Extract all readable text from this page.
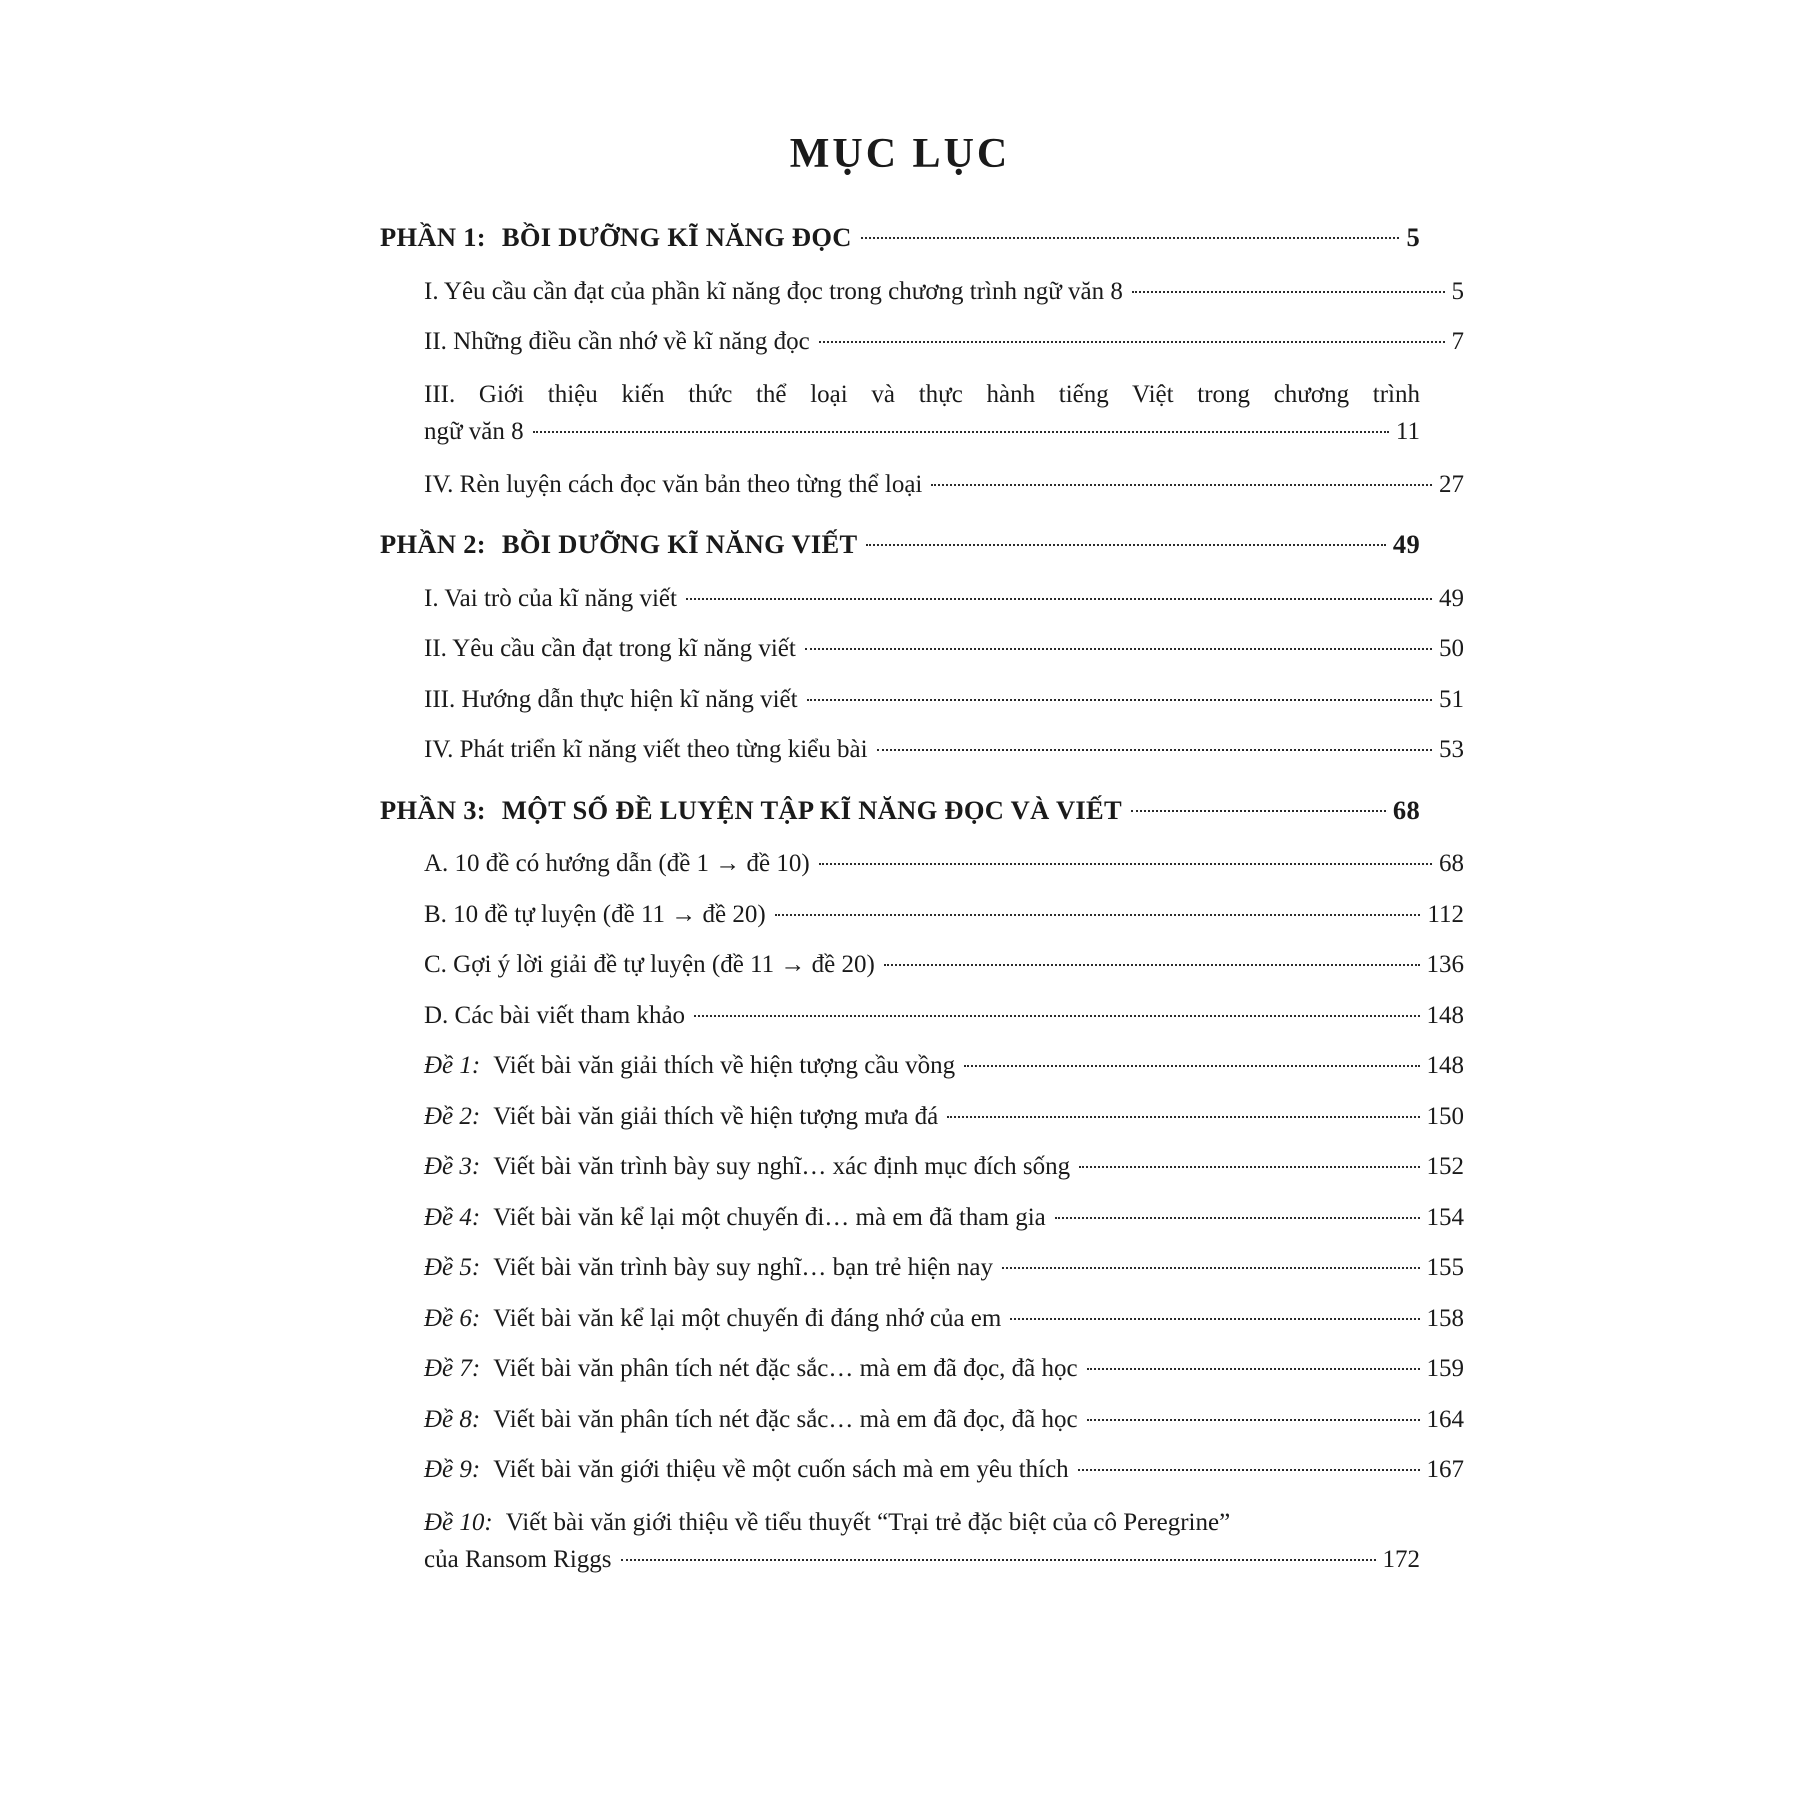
MỤC LỤC
PHẦN 1: BỒI DƯỠNG KĨ NĂNG ĐỌC	5
I. Yêu cầu cần đạt của phần kĩ năng đọc trong chương trình ngữ văn 8	5
II. Những điều cần nhớ về kĩ năng đọc	7
III. Giới thiệu kiến thức thể loại và thực hành tiếng Việt trong chương trình
ngữ văn 8	11
IV. Rèn luyện cách đọc văn bản theo từng thể loại	27
PHẦN 2: BỒI DƯỠNG KĨ NĂNG VIẾT	49
I. Vai trò của kĩ năng viết	49
II. Yêu cầu cần đạt trong kĩ năng viết	50
III. Hướng dẫn thực hiện kĩ năng viết	51
IV. Phát triển kĩ năng viết theo từng kiểu bài	53
PHẦN 3: MỘT SỐ ĐỀ LUYỆN TẬP KĨ NĂNG ĐỌC VÀ VIẾT	68
A. 10 đề có hướng dẫn (đề 1 → đề 10)	68
B. 10 đề tự luyện (đề 11 → đề 20)	112
C. Gợi ý lời giải đề tự luyện (đề 11 → đề 20)	136
D. Các bài viết tham khảo	148
Đề 1: Viết bài văn giải thích về hiện tượng cầu vồng	148
Đề 2: Viết bài văn giải thích về hiện tượng mưa đá	150
Đề 3: Viết bài văn trình bày suy nghĩ… xác định mục đích sống	152
Đề 4: Viết bài văn kể lại một chuyến đi… mà em đã tham gia	154
Đề 5: Viết bài văn trình bày suy nghĩ… bạn trẻ hiện nay	155
Đề 6: Viết bài văn kể lại một chuyến đi đáng nhớ của em	158
Đề 7: Viết bài văn phân tích nét đặc sắc… mà em đã đọc, đã học	159
Đề 8: Viết bài văn phân tích nét đặc sắc… mà em đã đọc, đã học	164
Đề 9: Viết bài văn giới thiệu về một cuốn sách mà em yêu thích	167
Đề 10: Viết bài văn giới thiệu về tiểu thuyết “Trại trẻ đặc biệt của cô Peregrine”
của Ransom Riggs	172
